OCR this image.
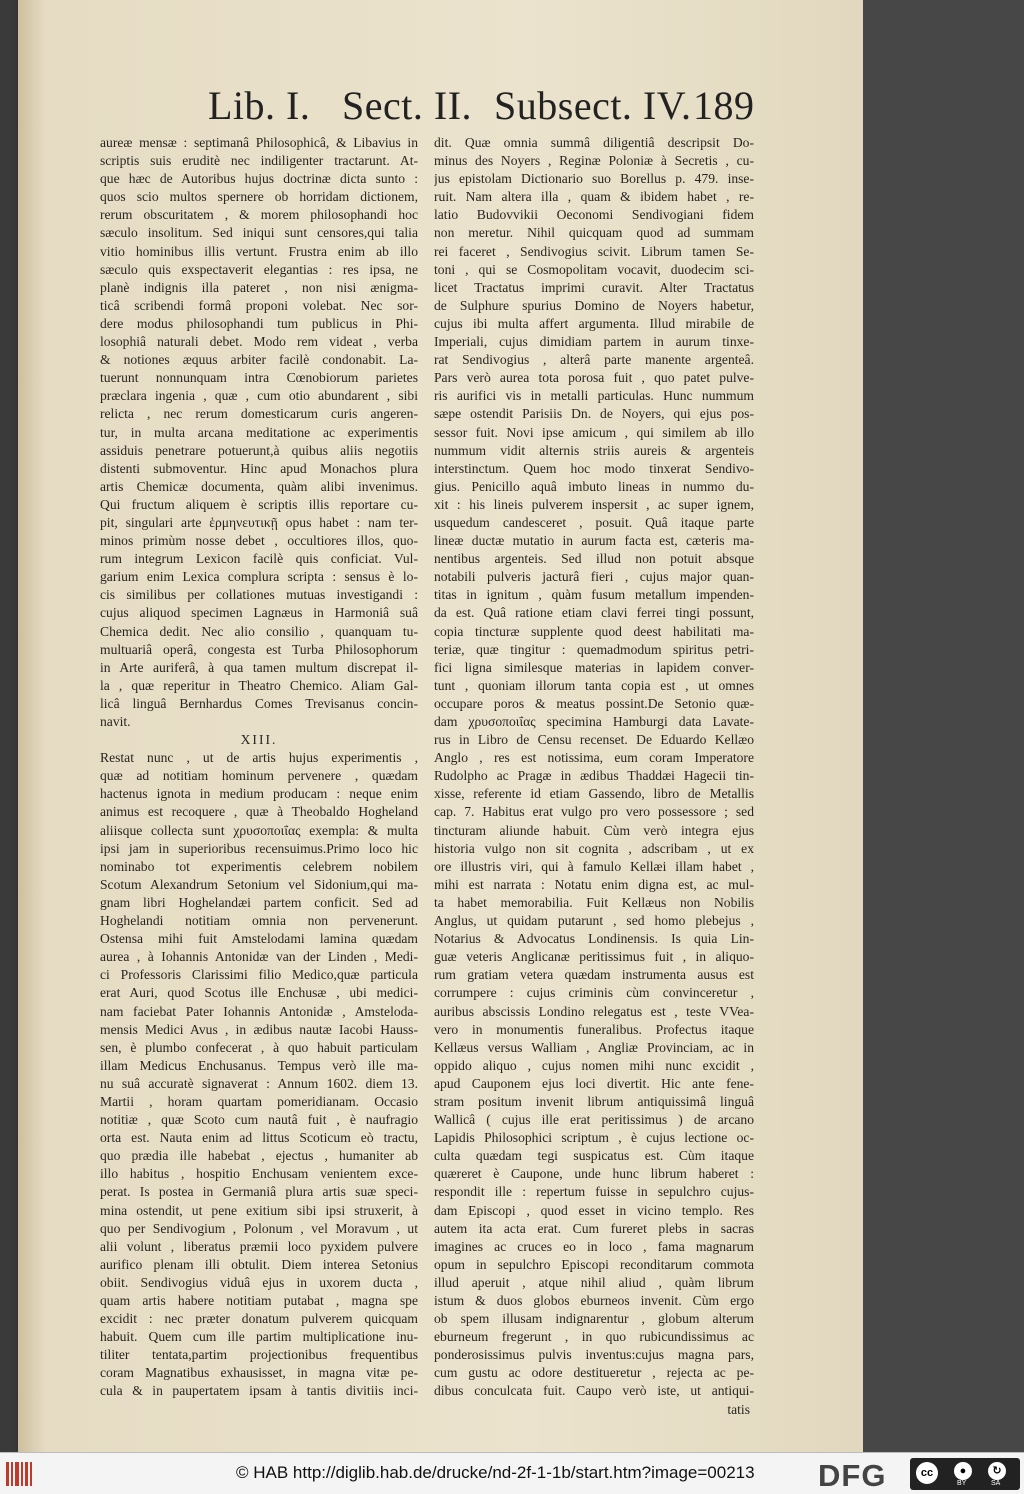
Lib. I. Sect. II. Subsect. IV. 189
aureæ mensæ : septimanâ Philosophicâ, & Libavius in
scriptis suis eruditè nec indiligenter tractarunt. At-
que hæc de Autoribus hujus doctrinæ dicta sunto :
quos scio multos spernere ob horridam dictionem,
rerum obscuritatem , & morem philosophandi hoc
sæculo insolitum. Sed iniqui sunt censores,qui talia
vitio hominibus illis vertunt. Frustra enim ab illo
sæculo quis exspectaverit elegantias : res ipsa, ne
planè indignis illa pateret , non nisi ænigma-
ticâ scribendi formâ proponi volebat. Nec sor-
dere modus philosophandi tum publicus in Phi-
losophiâ naturali debet. Modo rem videat , verba
& notiones æquus arbiter facilè condonabit. La-
tuerunt nonnunquam intra Cœnobiorum parietes
præclara ingenia , quæ , cum otio abundarent , sibi
relicta , nec rerum domesticarum curis angeren-
tur, in multa arcana meditatione ac experimentis
assiduis penetrare potuerunt,à quibus aliis negotiis
distenti submoventur. Hinc apud Monachos plura
artis Chemicæ documenta, quàm alibi invenimus.
Qui fructum aliquem è scriptis illis reportare cu-
pit, singulari arte ἑρμηνευτικῇ opus habet : nam ter-
minos primùm nosse debet , occultiores illos, quo-
rum integrum Lexicon facilè quis conficiat. Vul-
garium enim Lexica complura scripta : sensus è lo-
cis similibus per collationes mutuas investigandi :
cujus aliquod specimen Lagnæus in Harmoniâ suâ
Chemica dedit. Nec alio consilio , quanquam tu-
multuariâ operâ, congesta est Turba Philosophorum
in Arte auriferâ, à qua tamen multum discrepat il-
la , quæ reperitur in Theatro Chemico. Aliam Gal-
licâ linguâ Bernhardus Comes Trevisanus concin-
navit.
XIII.
Restat nunc , ut de artis hujus experimentis ,
quæ ad notitiam hominum pervenere , quædam
hactenus ignota in medium producam : neque enim
animus est recoquere , quæ à Theobaldo Hogheland
aliisque collecta sunt χρυσοποιΐας exempla: & multa
ipsi jam in superioribus recensuimus.Primo loco hic
nominabo tot experimentis celebrem nobilem
Scotum Alexandrum Setonium vel Sidonium,qui ma-
gnam libri Hoghelandæi partem conficit. Sed ad
Hoghelandi notitiam omnia non pervenerunt.
Ostensa mihi fuit Amstelodami lamina quædam
aurea , à Iohannis Antonidæ van der Linden , Medi-
ci Professoris Clarissimi filio Medico,quæ particula
erat Auri, quod Scotus ille Enchusæ , ubi medici-
nam faciebat Pater Iohannis Antonidæ , Amsteloda-
mensis Medici Avus , in ædibus nautæ Iacobi Hauss-
sen, è plumbo confecerat , à quo habuit particulam
illam Medicus Enchusanus. Tempus verò ille ma-
nu suâ accuratè signaverat : Annum 1602. diem 13.
Martii , horam quartam pomeridianam. Occasio
notitiæ , quæ Scoto cum nautâ fuit , è naufragio
orta est. Nauta enim ad littus Scoticum eò tractu,
quo prædia ille habebat , ejectus , humaniter ab
illo habitus , hospitio Enchusam venientem exce-
perat. Is postea in Germaniâ plura artis suæ speci-
mina ostendit, ut pene exitium sibi ipsi struxerit, à
quo per Sendivogium , Polonum , vel Moravum , ut
alii volunt , liberatus præmii loco pyxidem pulvere
aurifico plenam illi obtulit. Diem interea Setonius
obiit. Sendivogius viduâ ejus in uxorem ducta ,
quam artis habere notitiam putabat , magna spe
excidit : nec præter donatum pulverem quicquam
habuit. Quem cum ille partim multiplicatione inu-
tiliter tentata,partim projectionibus frequentibus
coram Magnatibus exhausisset, in magna vitæ pe-
cula & in paupertatem ipsam à tantis divitiis inci-
dit. Quæ omnia summâ diligentiâ descripsit Do-
minus des Noyers , Reginæ Poloniæ à Secretis , cu-
jus epistolam Dictionario suo Borellus p. 479. inse-
ruit. Nam altera illa , quam & ibidem habet , re-
latio Budovvikii Oeconomi Sendivogiani fidem
non meretur. Nihil quicquam quod ad summam
rei faceret , Sendivogius scivit. Librum tamen Se-
toni , qui se Cosmopolitam vocavit, duodecim sci-
licet Tractatus imprimi curavit. Alter Tractatus
de Sulphure spurius Domino de Noyers habetur,
cujus ibi multa affert argumenta. Illud mirabile de
Imperiali, cujus dimidiam partem in aurum tinxe-
rat Sendivogius , alterâ parte manente argenteâ.
Pars verò aurea tota porosa fuit , quo patet pulve-
ris aurifici vis in metalli particulas. Hunc nummum
sæpe ostendit Parisiis Dn. de Noyers, qui ejus pos-
sessor fuit. Novi ipse amicum , qui similem ab illo
nummum vidit alternis striis aureis & argenteis
interstinctum. Quem hoc modo tinxerat Sendivo-
gius. Penicillo aquâ imbuto lineas in nummo du-
xit : his lineis pulverem inspersit , ac super ignem,
usquedum candesceret , posuit. Quâ itaque parte
lineæ ductæ mutatio in aurum facta est, cæteris ma-
nentibus argenteis. Sed illud non potuit absque
notabili pulveris jacturâ fieri , cujus major quan-
titas in ignitum , quàm fusum metallum impenden-
da est. Quâ ratione etiam clavi ferrei tingi possunt,
copia tincturæ supplente quod deest habilitati ma-
teriæ, quæ tingitur : quemadmodum spiritus petri-
fici ligna similesque materias in lapidem conver-
tunt , quoniam illorum tanta copia est , ut omnes
occupare poros & meatus possint.De Setonio quæ-
dam χρυσοποιΐας specimina Hamburgi data Lavate-
rus in Libro de Censu recenset. De Eduardo Kellæo
Anglo , res est notissima, eum coram Imperatore
Rudolpho ac Pragæ in ædibus Thaddæi Hagecii tin-
xisse, referente id etiam Gassendo, libro de Metallis
cap. 7. Habitus erat vulgo pro vero possessore ; sed
tincturam aliunde habuit. Cùm verò integra ejus
historia vulgo non sit cognita , adscribam , ut ex
ore illustris viri, qui à famulo Kellæi illam habet ,
mihi est narrata : Notatu enim digna est, ac mul-
ta habet memorabilia. Fuit Kellæus non Nobilis
Anglus, ut quidam putarunt , sed homo plebejus ,
Notarius & Advocatus Londinensis. Is quia Lin-
guæ veteris Anglicanæ peritissimus fuit , in aliquo-
rum gratiam vetera quædam instrumenta ausus est
corrumpere : cujus criminis cùm convinceretur ,
auribus abscissis Londino relegatus est , teste VVea-
vero in monumentis funeralibus. Profectus itaque
Kellæus versus Walliam , Angliæ Provinciam, ac in
oppido aliquo , cujus nomen mihi nunc excidit ,
apud Cauponem ejus loci divertit. Hic ante fene-
stram positum invenit librum antiquissimâ linguâ
Wallicâ ( cujus ille erat peritissimus ) de arcano
Lapidis Philosophici scriptum , è cujus lectione oc-
culta quædam tegi suspicatus est. Cùm itaque
quæreret è Caupone, unde hunc librum haberet :
respondit ille : repertum fuisse in sepulchro cujus-
dam Episcopi , quod esset in vicino templo. Res
autem ita acta erat. Cum fureret plebs in sacras
imagines ac cruces eo in loco , fama magnarum
opum in sepulchro Episcopi reconditarum commota
illud aperuit , atque nihil aliud , quàm librum
istum & duos globos eburneos invenit. Cùm ergo
ob spem illusam indignarentur , globum alterum
eburneum fregerunt , in quo rubicundissimus ac
ponderosissimus pulvis inventus:cujus magna pars,
cum gustu ac odore destitueretur , rejecta ac pe-
dibus conculcata fuit. Caupo verò iste, ut antiqui-
tatis
© HAB http://diglib.hab.de/drucke/nd-2f-1-1b/start.htm?image=00213 DFG	cc	●	↻
BY	SA
